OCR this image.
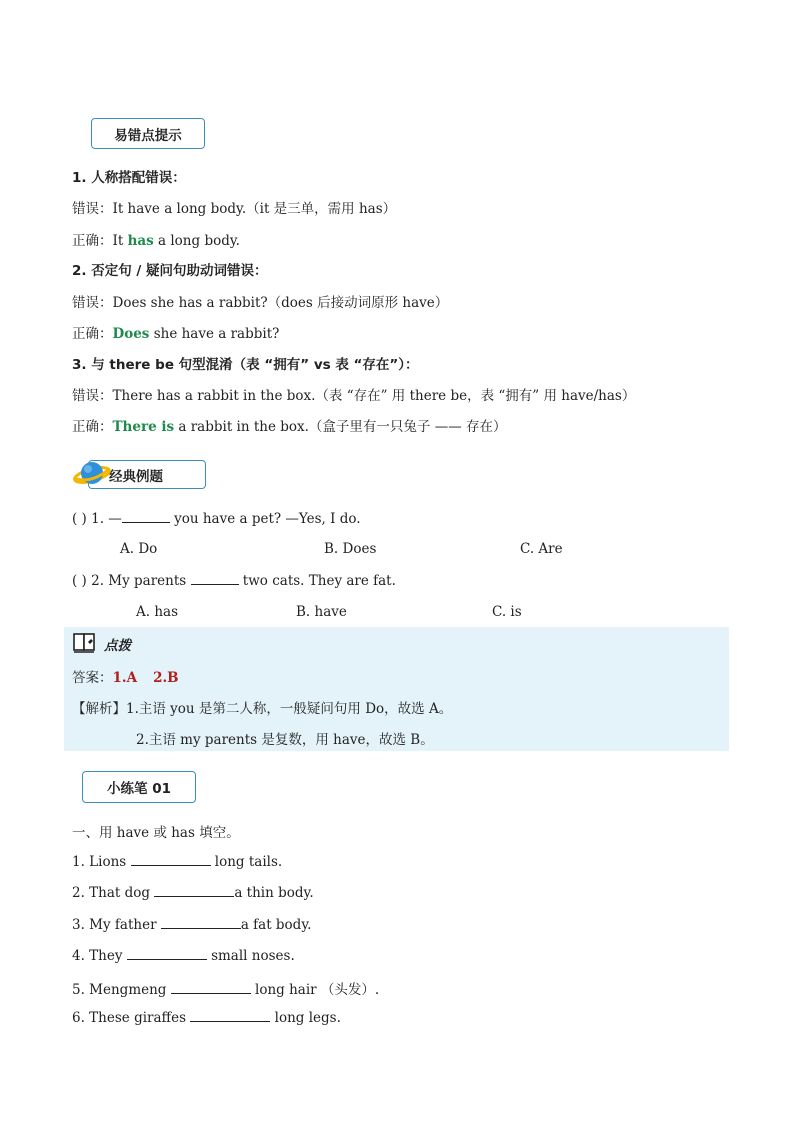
易错点提示
1. 人称搭配错误：
错误：It have a long body.（it 是三单，需用 has）
正确：It has a long body.
2. 否定句 / 疑问句助动词错误：
错误：Does she has a rabbit?（does 后接动词原形 have）
正确：Does she have a rabbit?
3. 与 there be 句型混淆（表 “拥有” vs 表 “存在”）：
错误：There has a rabbit in the box.（表 “存在” 用 there be，表 “拥有” 用 have/has）
正确：There is a rabbit in the box.（盒子里有一只兔子 —— 存在）
经典例题
( ) 1. —	you have a pet? —Yes, I do.
A. Do	B. Does	C. Are
( ) 2. My parents	two cats. They are fat.
A. has	B. have	C. is
点拨
答案：1.A 2.B
【解析】1.主语 you 是第二人称，一般疑问句用 Do，故选 A。
2.主语 my parents 是复数，用 have，故选 B。
小练笔 01
一、用 have 或 has 填空。
1. Lions	long tails.
2. That dog	a thin body.
3. My father	a fat body.
4. They	small noses.
5. Mengmeng	long hair （头发）.
6. These giraffes	long legs.
